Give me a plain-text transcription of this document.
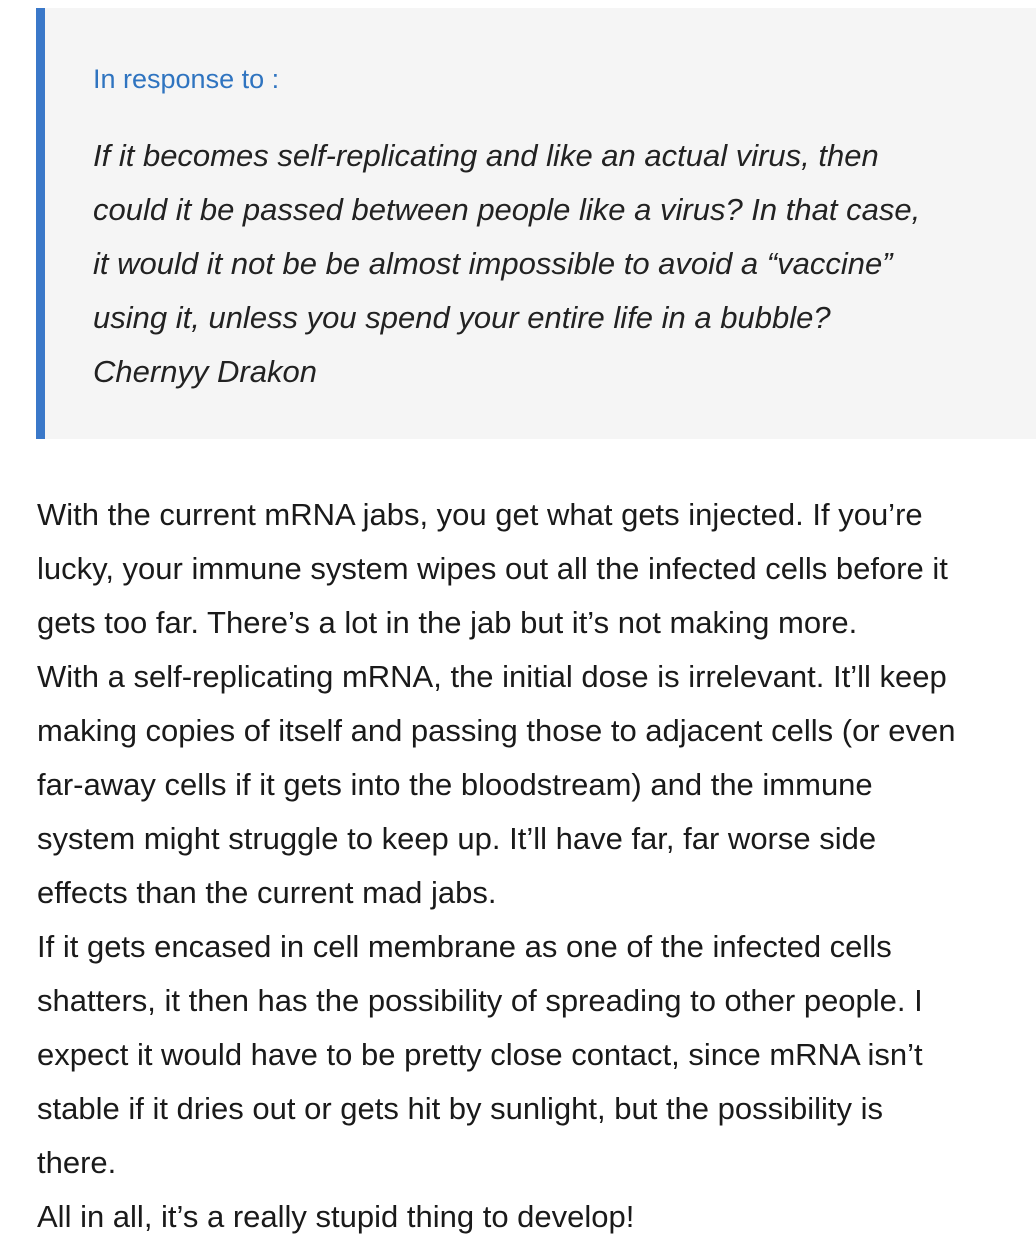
In response to :
If it becomes self-replicating and like an actual virus, then
could it be passed between people like a virus? In that case,
it would it not be be almost impossible to avoid a “vaccine”
using it, unless you spend your entire life in a bubble?
Chernyy Drakon
With the current mRNA jabs, you get what gets injected. If you’re
lucky, your immune system wipes out all the infected cells before it
gets too far. There’s a lot in the jab but it’s not making more.
With a self-replicating mRNA, the initial dose is irrelevant. It’ll keep
making copies of itself and passing those to adjacent cells (or even
far-away cells if it gets into the bloodstream) and the immune
system might struggle to keep up. It’ll have far, far worse side
effects than the current mad jabs.
If it gets encased in cell membrane as one of the infected cells
shatters, it then has the possibility of spreading to other people. I
expect it would have to be pretty close contact, since mRNA isn’t
stable if it dries out or gets hit by sunlight, but the possibility is
there.
All in all, it’s a really stupid thing to develop!
